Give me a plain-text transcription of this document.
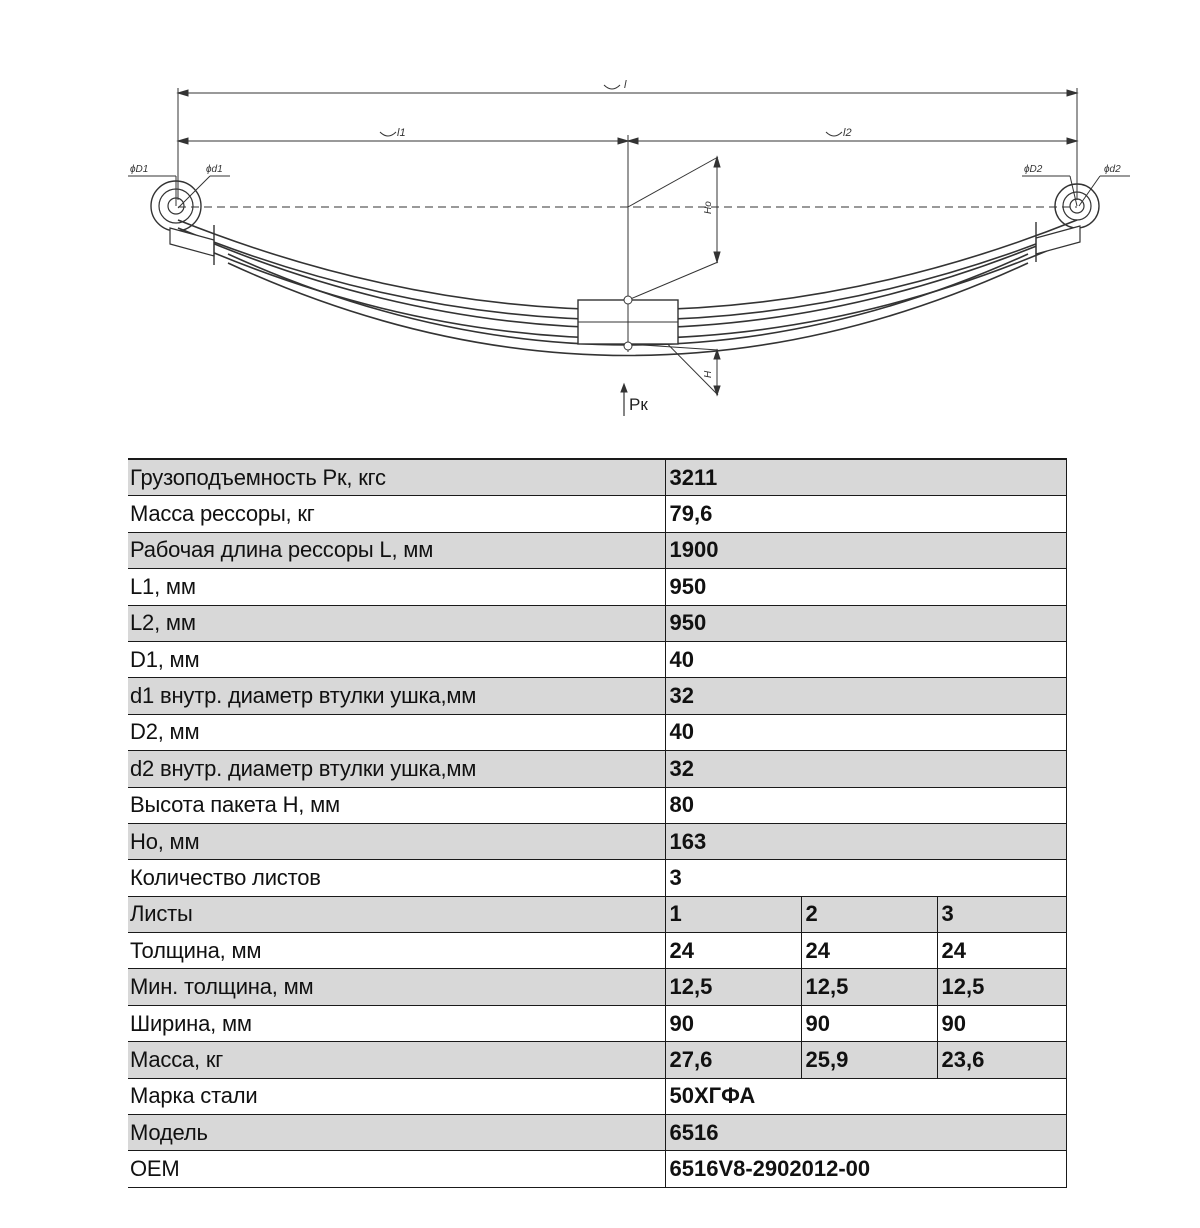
l
l1	l2
ϕD1	ϕd1	ϕD2	ϕd2
Ho
H
Pк
Грузоподъемность Рк, кгс	3211		
Масса рессоры, кг	79,6		
Рабочая длина рессоры L, мм	1900		
L1, мм	950		
L2, мм	950		
D1, мм	40		
d1 внутр. диаметр втулки ушка,мм	32		
D2, мм	40		
d2 внутр. диаметр втулки ушка,мм	32		
Высота пакета Н, мм	80		
Но, мм	163		
Количество листов	3		
Листы	1	2	3
Толщина, мм	24	24	24
Мин. толщина, мм	12,5	12,5	12,5
Ширина, мм	90	90	90
Масса, кг	27,6	25,9	23,6
Марка стали	50ХГФА		
Модель	6516		
OEM	6516V8-2902012-00		
